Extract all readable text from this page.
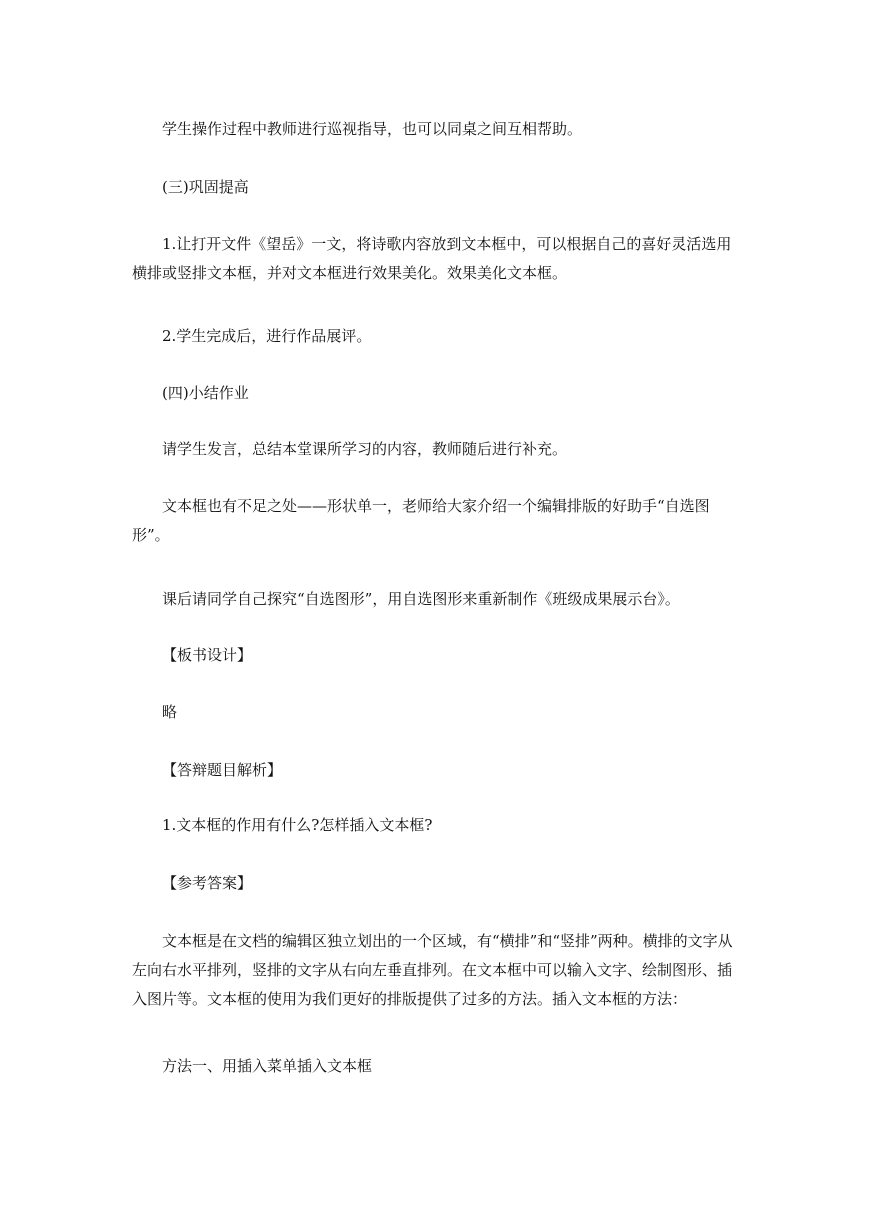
学生操作过程中教师进行巡视指导，也可以同桌之间互相帮助。

(三)巩固提高

1.让打开文件《望岳》一文，将诗歌内容放到文本框中，可以根据自己的喜好灵活选用横排或竖排文本框，并对文本框进行效果美化。效果美化文本框。

2.学生完成后，进行作品展评。

(四)小结作业

请学生发言，总结本堂课所学习的内容，教师随后进行补充。

文本框也有不足之处——形状单一，老师给大家介绍一个编辑排版的好助手“自选图形”。

课后请同学自己探究“自选图形”，用自选图形来重新制作《班级成果展示台》。

【板书设计】

略

【答辩题目解析】

1.文本框的作用有什么?怎样插入文本框?

【参考答案】

文本框是在文档的编辑区独立划出的一个区域，有“横排”和“竖排”两种。横排的文字从左向右水平排列，竖排的文字从右向左垂直排列。在文本框中可以输入文字、绘制图形、插入图片等。文本框的使用为我们更好的排版提供了过多的方法。插入文本框的方法：

方法一、用插入菜单插入文本框
